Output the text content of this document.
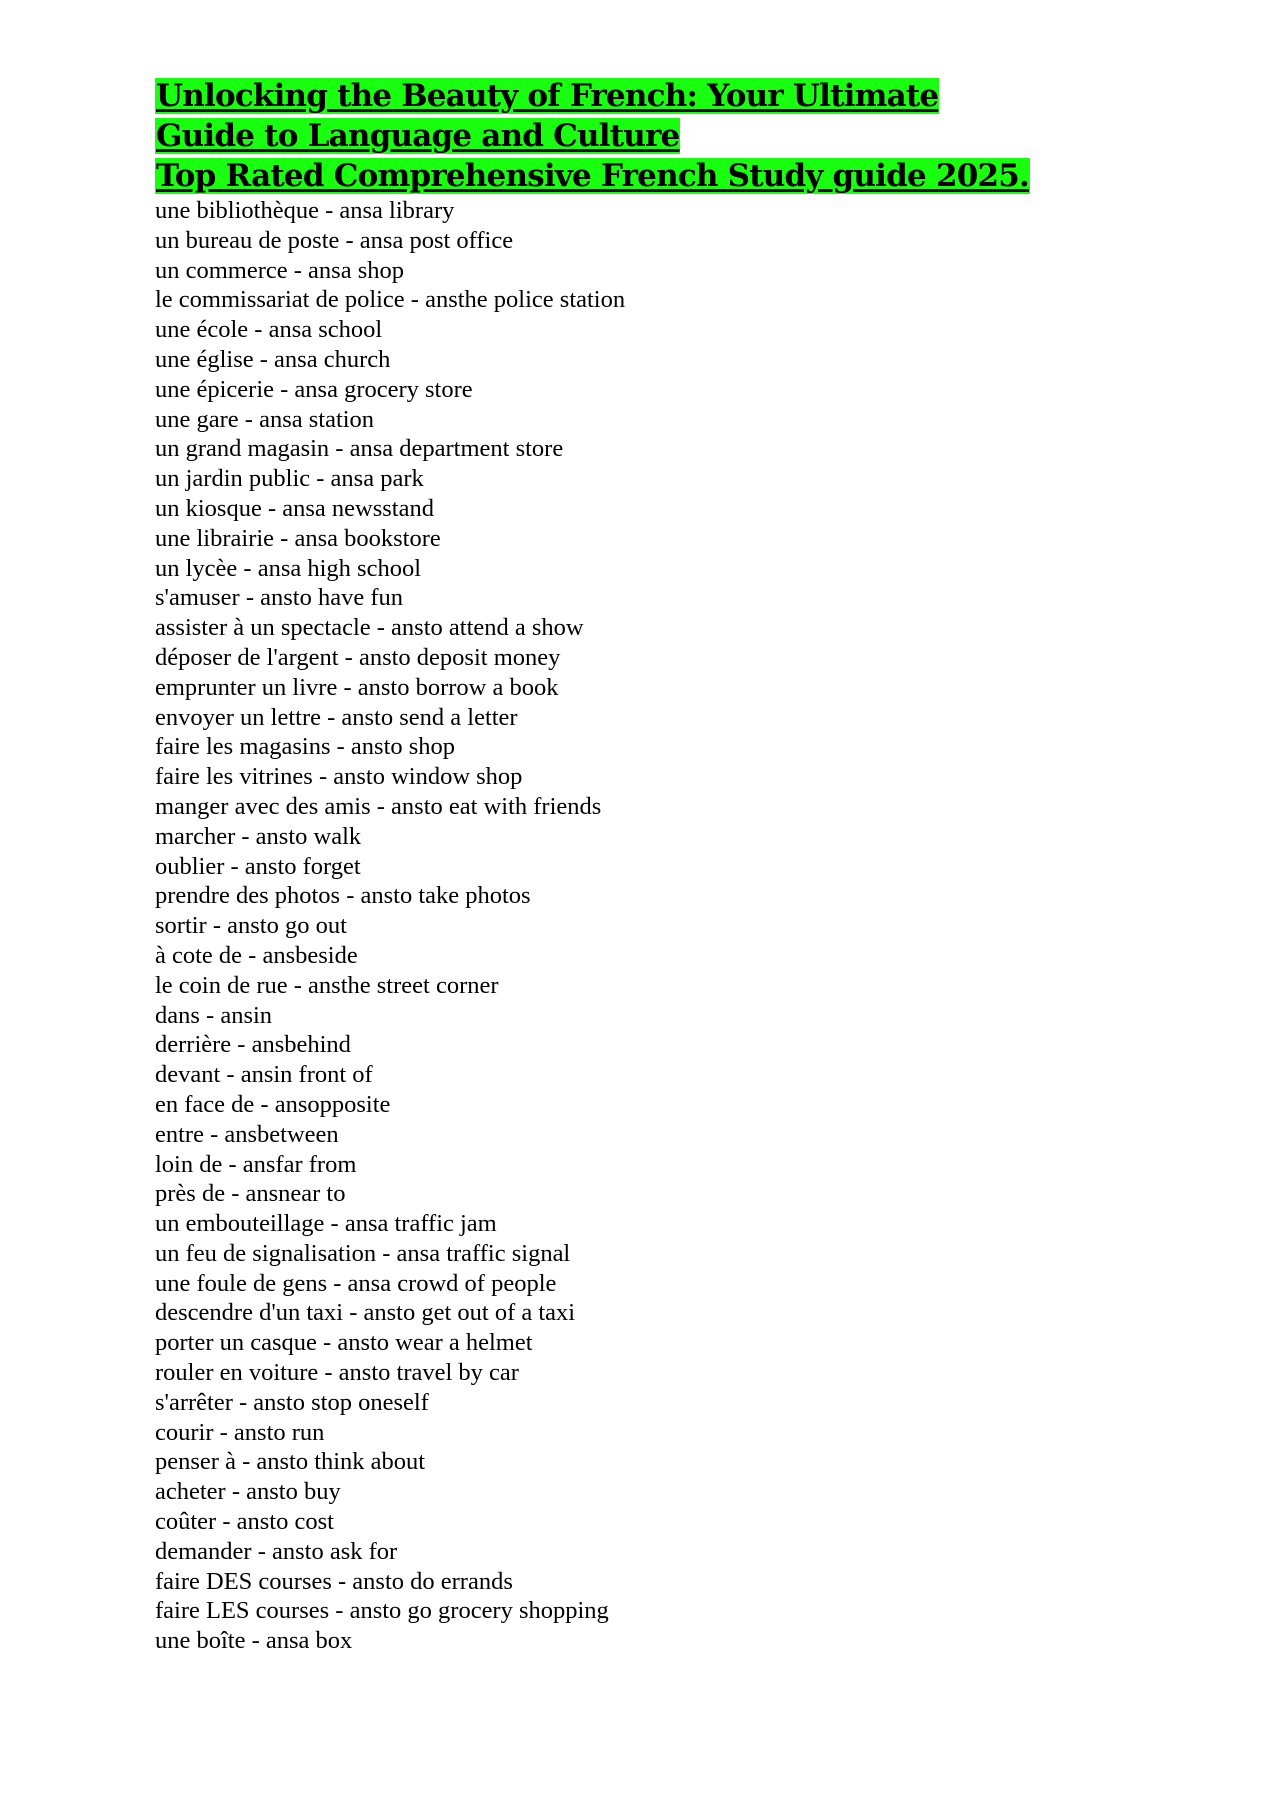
Unlocking the Beauty of French: Your Ultimate
Guide to Language and Culture
Top Rated Comprehensive French Study guide 2025.
une bibliothèque - ansa library
un bureau de poste - ansa post office
un commerce - ansa shop
le commissariat de police - ansthe police station
une école - ansa school
une église - ansa church
une épicerie - ansa grocery store
une gare - ansa station
un grand magasin - ansa department store
un jardin public - ansa park
un kiosque - ansa newsstand
une librairie - ansa bookstore
un lycèe - ansa high school
s'amuser - ansto have fun
assister à un spectacle - ansto attend a show
déposer de l'argent - ansto deposit money
emprunter un livre - ansto borrow a book
envoyer un lettre - ansto send a letter
faire les magasins - ansto shop
faire les vitrines - ansto window shop
manger avec des amis - ansto eat with friends
marcher - ansto walk
oublier - ansto forget
prendre des photos - ansto take photos
sortir - ansto go out
à cote de - ansbeside
le coin de rue - ansthe street corner
dans - ansin
derrière - ansbehind
devant - ansin front of
en face de - ansopposite
entre - ansbetween
loin de - ansfar from
près de - ansnear to
un embouteillage - ansa traffic jam
un feu de signalisation - ansa traffic signal
une foule de gens - ansa crowd of people
descendre d'un taxi - ansto get out of a taxi
porter un casque - ansto wear a helmet
rouler en voiture - ansto travel by car
s'arrêter - ansto stop oneself
courir - ansto run
penser à - ansto think about
acheter - ansto buy
coûter - ansto cost
demander - ansto ask for
faire DES courses - ansto do errands
faire LES courses - ansto go grocery shopping
une boîte - ansa box
